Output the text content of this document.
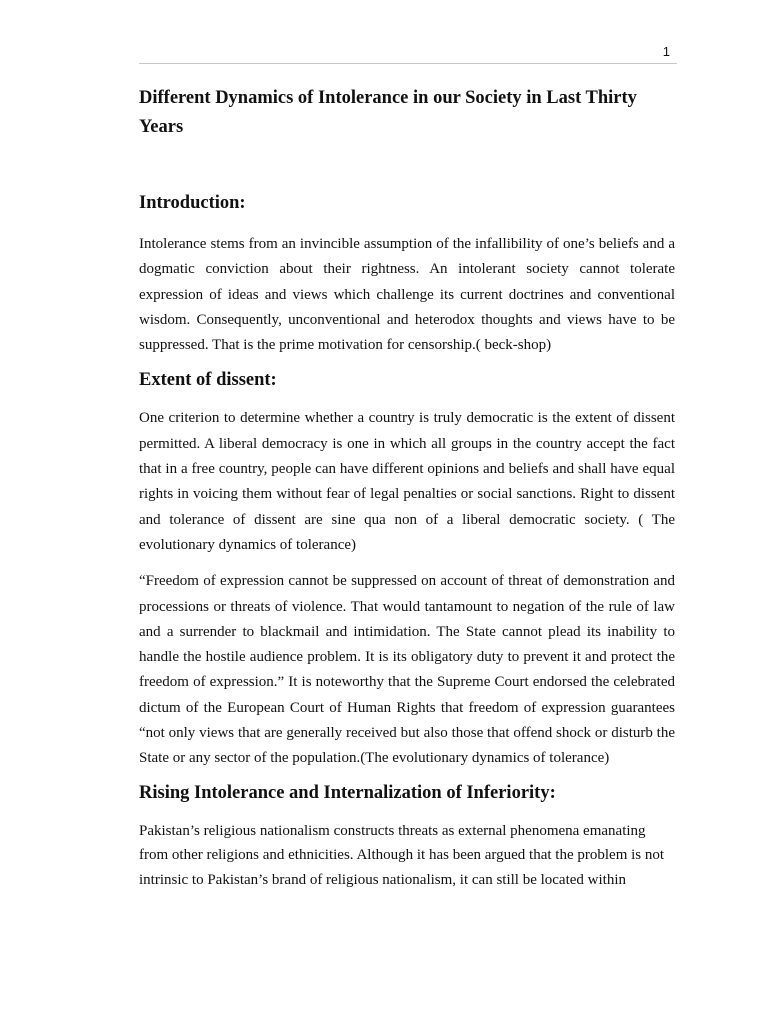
1
Different Dynamics of Intolerance in our Society in Last Thirty Years
Introduction:

Intolerance stems from an invincible assumption of the infallibility of one’s beliefs and a dogmatic conviction about their rightness. An intolerant society cannot tolerate expression of ideas and views which challenge its current doctrines and conventional wisdom. Consequently, unconventional and heterodox thoughts and views have to be suppressed. That is the prime motivation for censorship.( beck-shop)

Extent of dissent:

One criterion to determine whether a country is truly democratic is the extent of dissent permitted. A liberal democracy is one in which all groups in the country accept the fact that in a free country, people can have different opinions and beliefs and shall have equal rights in voicing them without fear of legal penalties or social sanctions. Right to dissent and tolerance of dissent are sine qua non of a liberal democratic society. ( The evolutionary dynamics of tolerance)

“Freedom of expression cannot be suppressed on account of threat of demonstration and processions or threats of violence. That would tantamount to negation of the rule of law and a surrender to blackmail and intimidation. The State cannot plead its inability to handle the hostile audience problem. It is its obligatory duty to prevent it and protect the freedom of expression.” It is noteworthy that the Supreme Court endorsed the celebrated dictum of the European Court of Human Rights that freedom of expression guarantees “not only views that are generally received but also those that offend shock or disturb the State or any sector of the population.(The evolutionary dynamics of tolerance)

Rising Intolerance and Internalization of Inferiority:

Pakistan’s religious nationalism constructs threats as external phenomena emanating from other religions and ethnicities. Although it has been argued that the problem is not intrinsic to Pakistan’s brand of religious nationalism, it can still be located within
